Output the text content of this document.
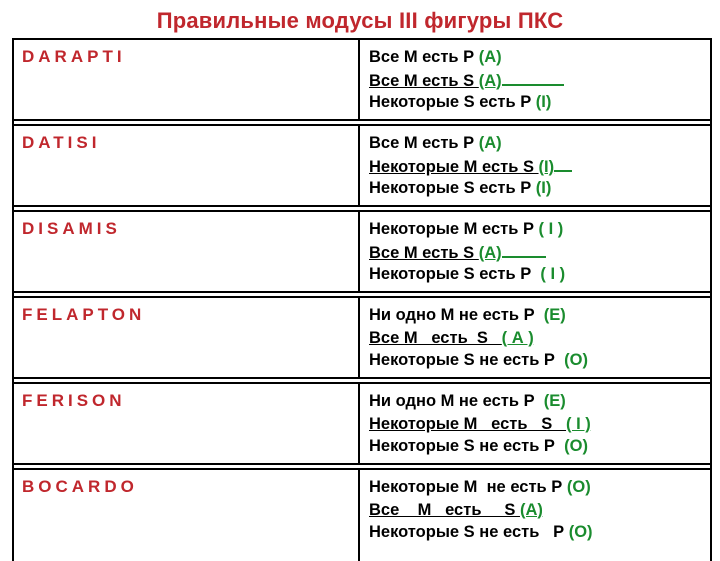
Правильные модусы III фигуры ПКС
DARAPTI	Все М есть Р (А)
Все М есть S (А)
Некоторые S есть Р (I)
DATISI	Все М есть Р (А)
Некоторые М есть S (I)
Некоторые S есть Р (I)
DISAMIS	Некоторые М есть Р ( I )
Все М есть S (А)
Некоторые S есть Р  ( I )
FELAPTON	Ни одно М не есть Р  (Е)
Все М   есть  S   ( А )
Некоторые S не есть Р  (О)
FERISON	Ни одно М не есть Р  (Е)
Некоторые М   есть   S   ( I )
Некоторые S не есть Р  (О)
BOCARDO	Некоторые М  не есть Р (О)
Все    М   есть     S (А)
Некоторые S не есть   Р (О)
